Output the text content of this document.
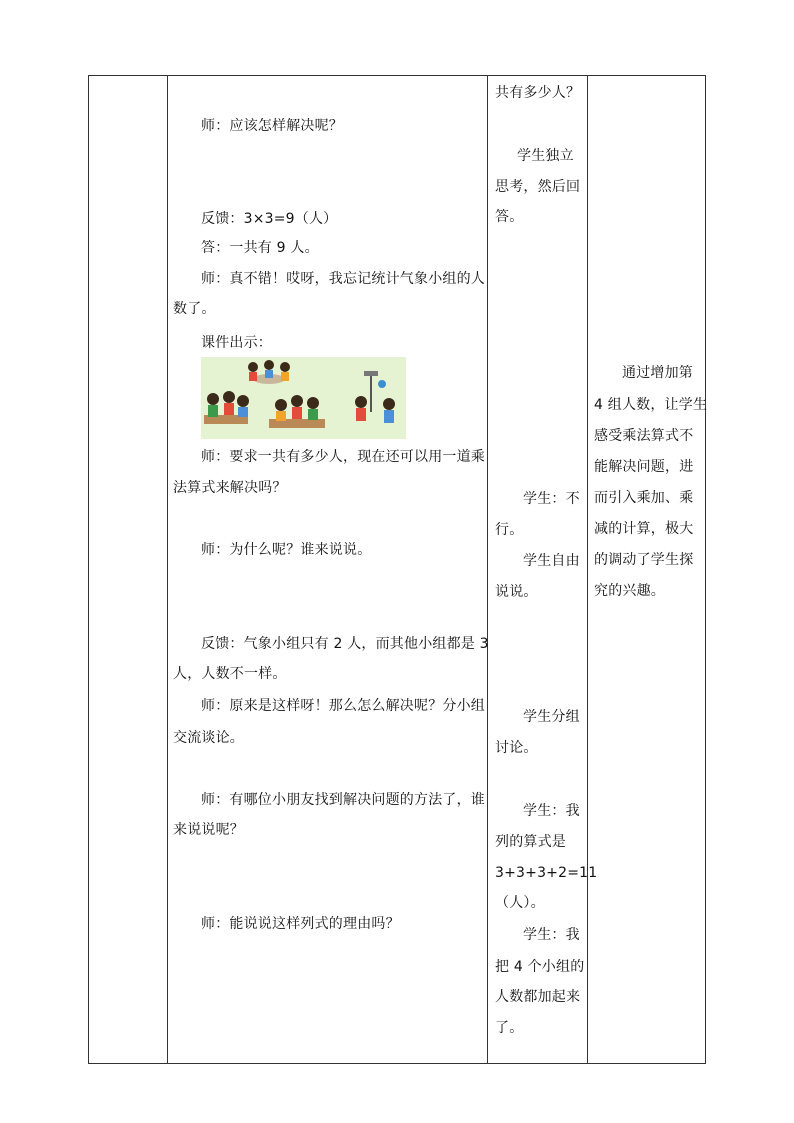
师：应该怎样解决呢？
反馈：3×3=9（人）
答：一共有 9 人。
师：真不错！哎呀，我忘记统计气象小组的人
数了。
课件出示：
师：要求一共有多少人，现在还可以用一道乘
法算式来解决吗？
师：为什么呢？谁来说说。
反馈：气象小组只有 2 人，而其他小组都是 3
人，人数不一样。
师：原来是这样呀！那么怎么解决呢？分小组
交流谈论。
师：有哪位小朋友找到解决问题的方法了，谁
来说说呢？
师：能说说这样列式的理由吗？
共有多少人？
学生独立
思考，然后回
答。
学生：不
行。
学生自由
说说。
学生分组
讨论。
学生：我
列的算式是
3+3+3+2=11
（人）。
学生：我
把 4 个小组的
人数都加起来
了。
通过增加第
4 组人数，让学生
感受乘法算式不
能解决问题，进
而引入乘加、乘
减的计算，极大
的调动了学生探
究的兴趣。
